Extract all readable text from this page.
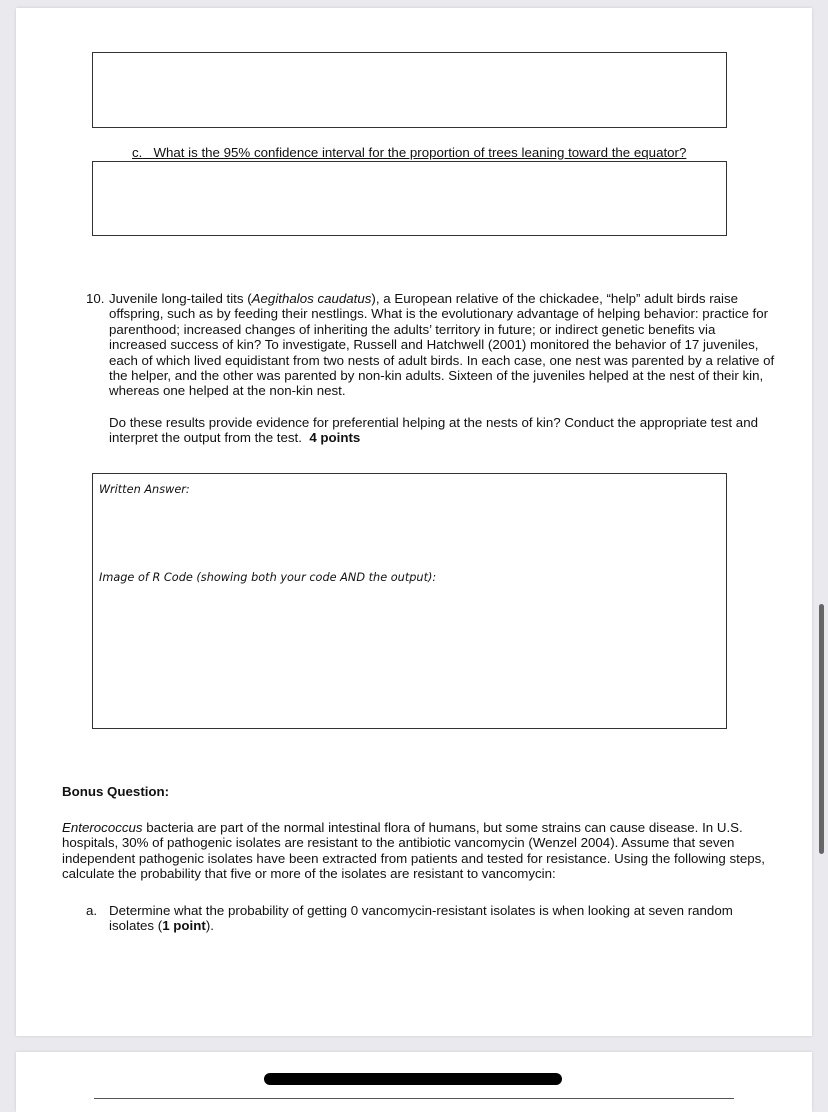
c. What is the 95% confidence interval for the proportion of trees leaning toward the equator?
10. Juvenile long-tailed tits (Aegithalos caudatus), a European relative of the chickadee, “help” adult birds raise offspring, such as by feeding their nestlings. What is the evolutionary advantage of helping behavior: practice for parenthood; increased changes of inheriting the adults’ territory in future; or indirect genetic benefits via increased success of kin? To investigate, Russell and Hatchwell (2001) monitored the behavior of 17 juveniles, each of which lived equidistant from two nests of adult birds. In each case, one nest was parented by a relative of the helper, and the other was parented by non-kin adults. Sixteen of the juveniles helped at the nest of their kin, whereas one helped at the non-kin nest.

Do these results provide evidence for preferential helping at the nests of kin? Conduct the appropriate test and interpret the output from the test. 4 points

Written Answer:
Image of R Code (showing both your code AND the output):
Bonus Question:
Enterococcus bacteria are part of the normal intestinal flora of humans, but some strains can cause disease. In U.S. hospitals, 30% of pathogenic isolates are resistant to the antibiotic vancomycin (Wenzel 2004). Assume that seven independent pathogenic isolates have been extracted from patients and tested for resistance. Using the following steps, calculate the probability that five or more of the isolates are resistant to vancomycin:
a. Determine what the probability of getting 0 vancomycin-resistant isolates is when looking at seven random isolates (1 point).
